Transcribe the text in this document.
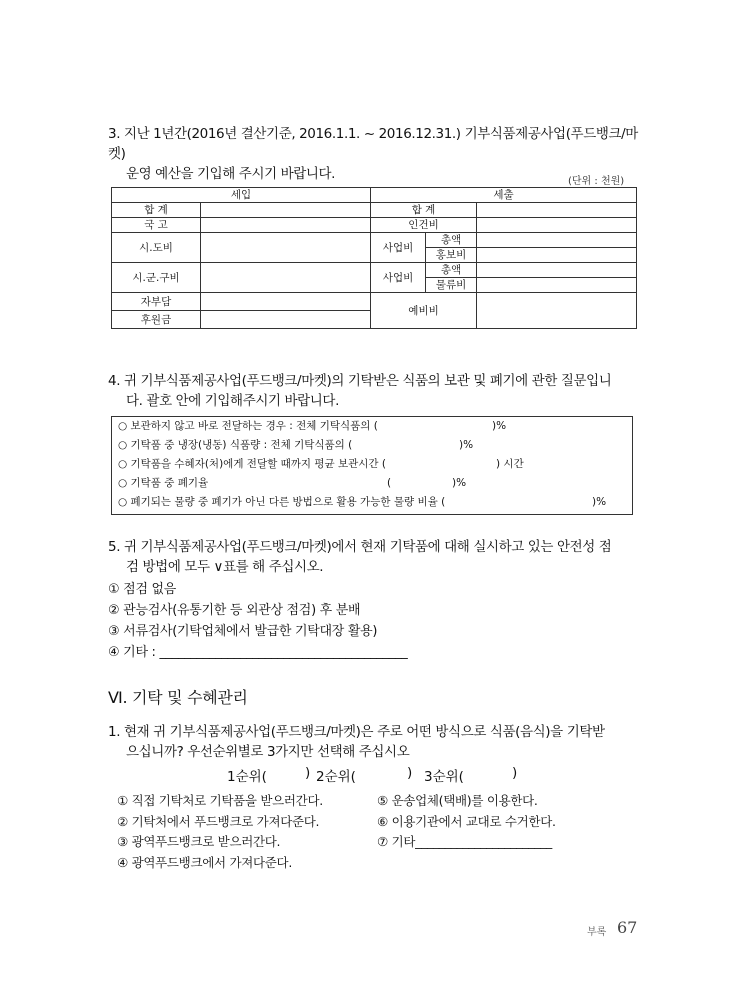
3. 지난 1년간(2016년 결산기준, 2016.1.1. ~ 2016.12.31.) 기부식품제공사업(푸드뱅크/마켓)
운영 예산을 기입해 주시기 바랍니다.	(단위 : 천원)
세입		세출		
합 계		합 계		
국 고		인건비		
시.도비		사업비	총액	
			홍보비	
시.군.구비		사업비	총액	
			물류비	
자부담		예비비		
후원금				
4. 귀 기부식품제공사업(푸드뱅크/마켓)의 기탁받은 식품의 보관 및 폐기에 관한 질문입니
다. 괄호 안에 기입해주시기 바랍니다.
○ 보관하지 않고 바로 전달하는 경우 : 전체 기탁식품의 (	)%
○ 기탁품 중 냉장(냉동) 식품량 : 전체 기탁식품의 (	)%
○ 기탁품을 수혜자(처)에게 전달할 때까지 평균 보관시간 (	) 시간
○ 기탁품 중 폐기율	(	)%
○ 폐기되는 물량 중 폐기가 아닌 다른 방법으로 활용 가능한 물량 비율 (	)%
5. 귀 기부식품제공사업(푸드뱅크/마켓)에서 현재 기탁품에 대해 실시하고 있는 안전성 점
검 방법에 모두 ∨표를 해 주십시오.
① 점검 없음
② 관능검사(유통기한 등 외관상 점검) 후 분배
③ 서류검사(기탁업체에서 발급한 기탁대장 활용)
④ 기타 : ________________________________________
Ⅵ. 기탁 및 수혜관리
1. 현재 귀 기부식품제공사업(푸드뱅크/마켓)은 주로 어떤 방식으로 식품(음식)을 기탁받
으십니까? 우선순위별로 3가지만 선택해 주십시오
1순위(	) 2순위(	) 3순위(	)
① 직접 기탁처로 기탁품을 받으러간다.
② 기탁처에서 푸드뱅크로 가져다준다.
③ 광역푸드뱅크로 받으러간다.
④ 광역푸드뱅크에서 가져다준다.
⑤ 운송업체(택배)를 이용한다.
⑥ 이용기관에서 교대로 수거한다.
⑦ 기타_______________________
부록 67
